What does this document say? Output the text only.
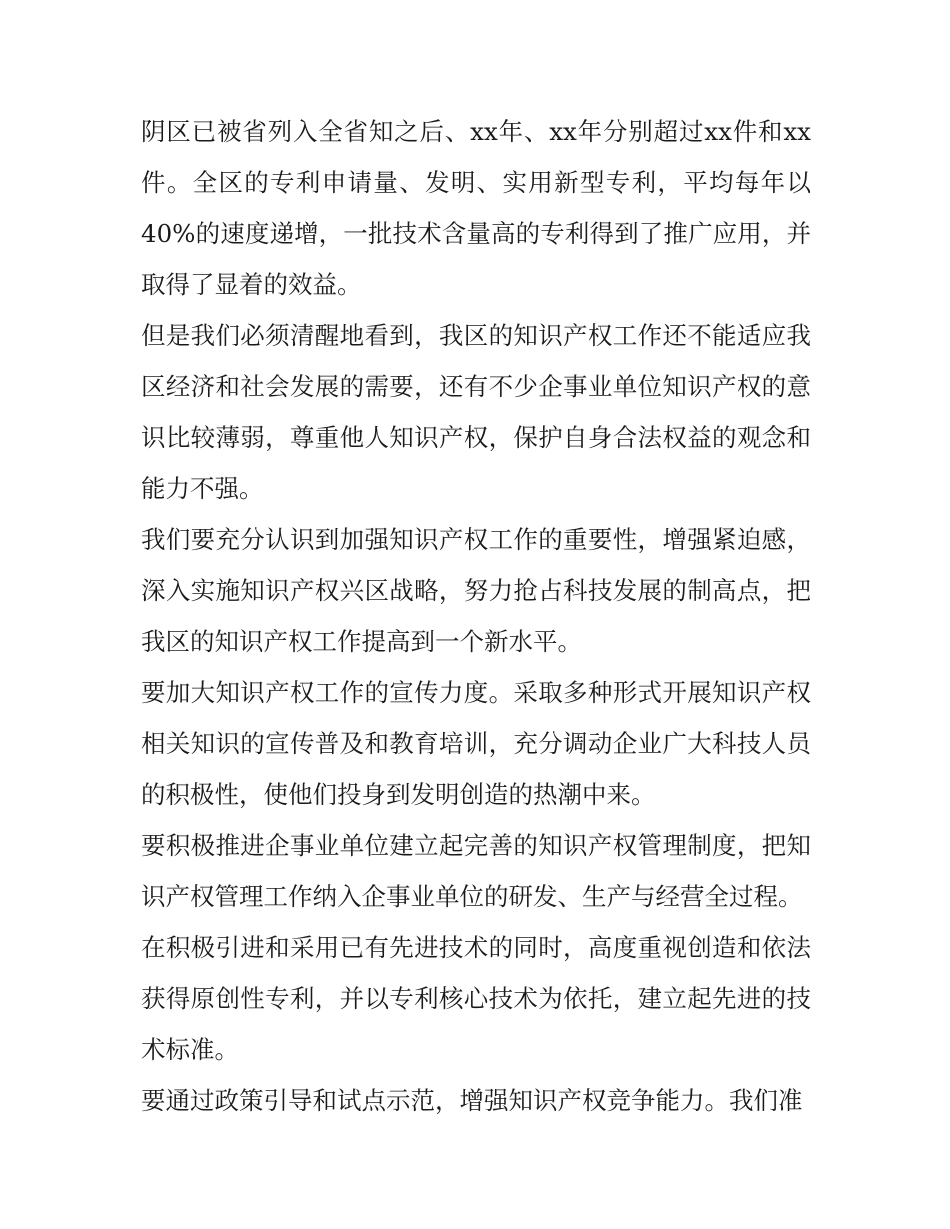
阴区已被省列入全省知之后、xx年、xx年分别超过xx件和xx件。全区的专利申请量、发明、实用新型专利，平均每年以40%的速度递增，一批技术含量高的专利得到了推广应用，并取得了显着的效益。

但是我们必须清醒地看到，我区的知识产权工作还不能适应我区经济和社会发展的需要，还有不少企事业单位知识产权的意识比较薄弱，尊重他人知识产权，保护自身合法权益的观念和能力不强。

我们要充分认识到加强知识产权工作的重要性，增强紧迫感，深入实施知识产权兴区战略，努力抢占科技发展的制高点，把我区的知识产权工作提高到一个新水平。

要加大知识产权工作的宣传力度。采取多种形式开展知识产权相关知识的宣传普及和教育培训，充分调动企业广大科技人员的积极性，使他们投身到发明创造的热潮中来。

要积极推进企事业单位建立起完善的知识产权管理制度，把知识产权管理工作纳入企事业单位的研发、生产与经营全过程。

在积极引进和采用已有先进技术的同时，高度重视创造和依法获得原创性专利，并以专利核心技术为依托，建立起先进的技术标准。

要通过政策引导和试点示范，增强知识产权竞争能力。我们准
